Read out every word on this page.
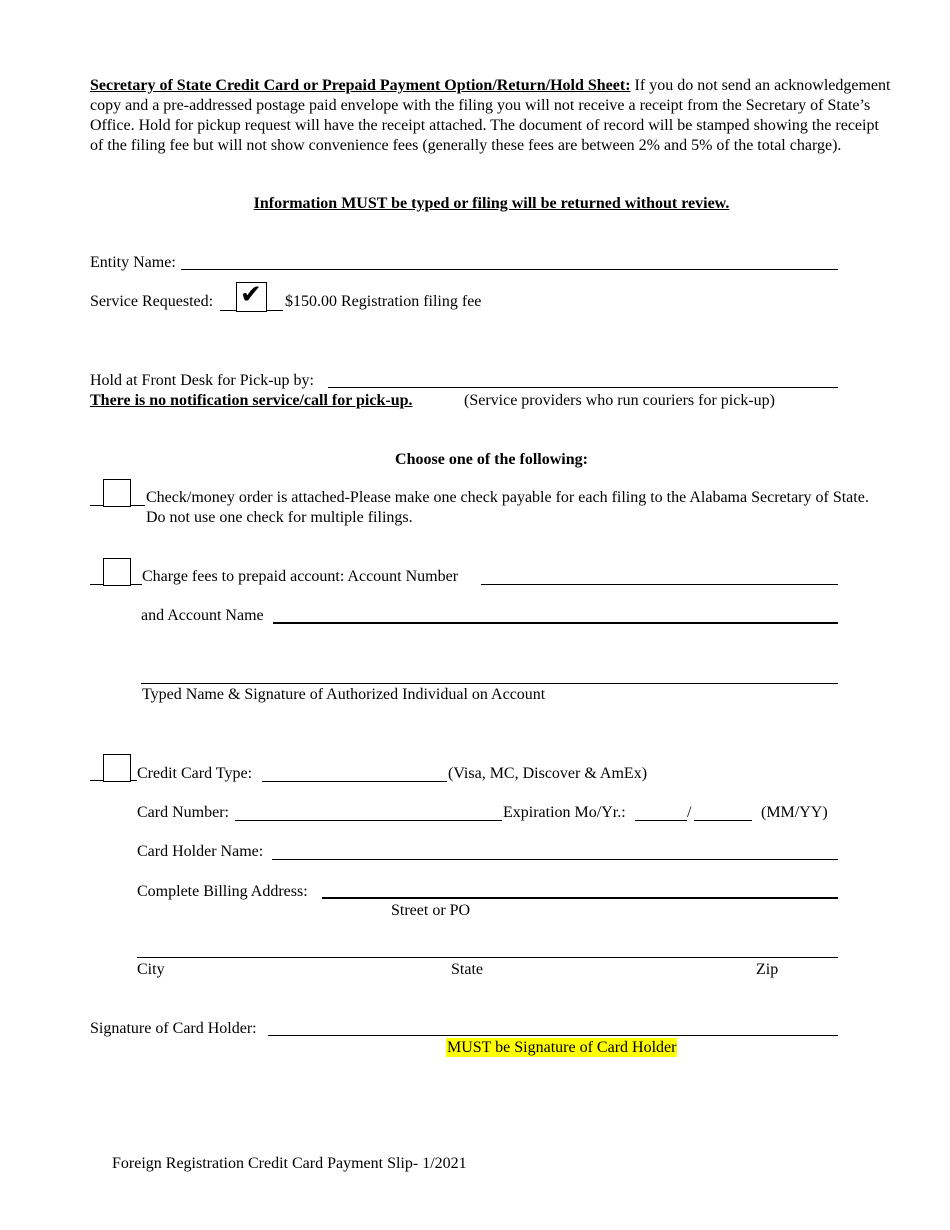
Secretary of State Credit Card or Prepaid Payment Option/Return/Hold Sheet: If you do not send an acknowledgement copy and a pre-addressed postage paid envelope with the filing you will not receive a receipt from the Secretary of State’s Office. Hold for pickup request will have the receipt attached. The document of record will be stamped showing the receipt of the filing fee but will not show convenience fees (generally these fees are between 2% and 5% of the total charge).
Information MUST be typed or filing will be returned without review.
Entity Name:
Service Requested: ✔ $150.00 Registration filing fee
Hold at Front Desk for Pick-up by:
There is no notification service/call for pick-up.	(Service providers who run couriers for pick-up)
Choose one of the following:
Check/money order is attached-Please make one check payable for each filing to the Alabama Secretary of State. Do not use one check for multiple filings.
Charge fees to prepaid account: Account Number
and Account Name
Typed Name & Signature of Authorized Individual on Account
Credit Card Type:	(Visa, MC, Discover & AmEx)
Card Number:	Expiration Mo/Yr.:	/	(MM/YY)
Card Holder Name:
Complete Billing Address:
Street or PO
City	State	Zip
Signature of Card Holder:
MUST be Signature of Card Holder
Foreign Registration Credit Card Payment Slip- 1/2021
